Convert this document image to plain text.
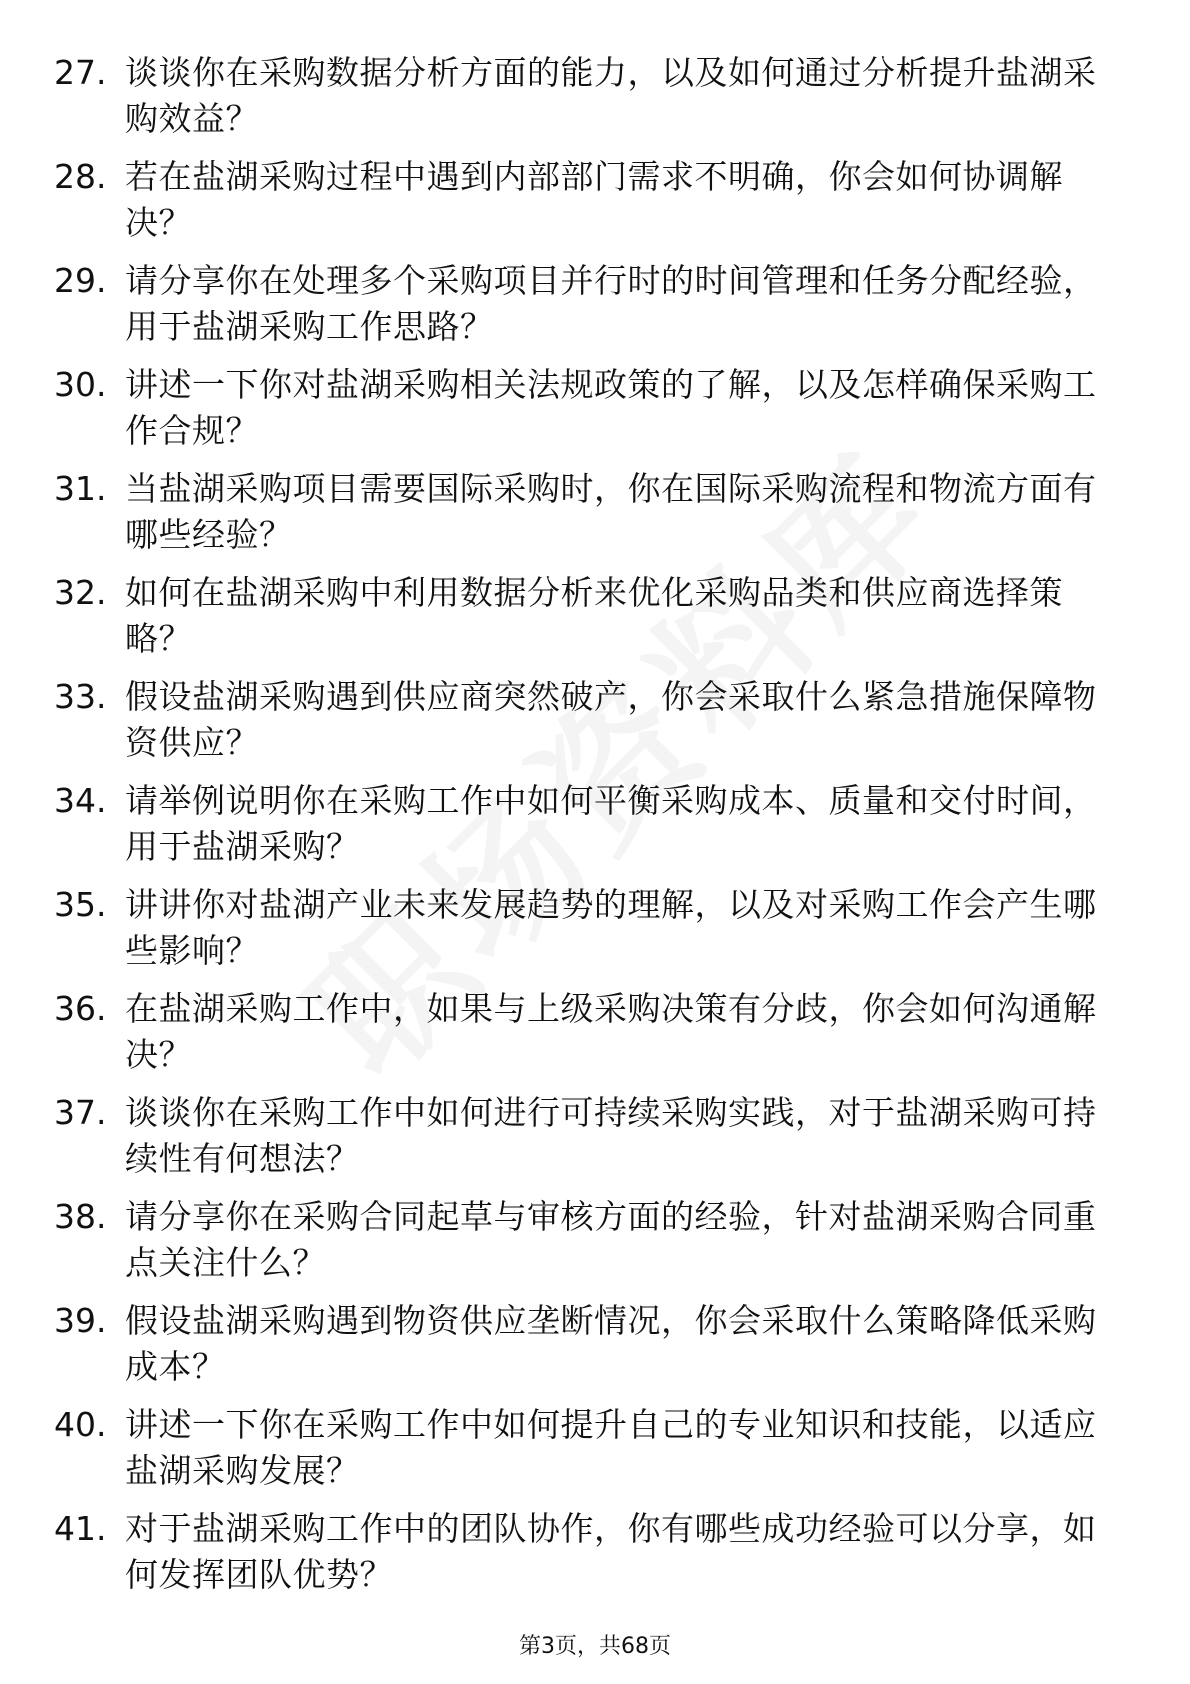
27. 谈谈你在采购数据分析方面的能力，以及如何通过分析提升盐湖采购效益？
28. 若在盐湖采购过程中遇到内部部门需求不明确，你会如何协调解决？
29. 请分享你在处理多个采购项目并行时的时间管理和任务分配经验，用于盐湖采购工作思路？
30. 讲述一下你对盐湖采购相关法规政策的了解，以及怎样确保采购工作合规？
31. 当盐湖采购项目需要国际采购时，你在国际采购流程和物流方面有哪些经验？
32. 如何在盐湖采购中利用数据分析来优化采购品类和供应商选择策略？
33. 假设盐湖采购遇到供应商突然破产，你会采取什么紧急措施保障物资供应？
34. 请举例说明你在采购工作中如何平衡采购成本、质量和交付时间，用于盐湖采购？
35. 讲讲你对盐湖产业未来发展趋势的理解，以及对采购工作会产生哪些影响？
36. 在盐湖采购工作中，如果与上级采购决策有分歧，你会如何沟通解决？
37. 谈谈你在采购工作中如何进行可持续采购实践，对于盐湖采购可持续性有何想法？
38. 请分享你在采购合同起草与审核方面的经验，针对盐湖采购合同重点关注什么？
39. 假设盐湖采购遇到物资供应垄断情况，你会采取什么策略降低采购成本？
40. 讲述一下你在采购工作中如何提升自己的专业知识和技能，以适应盐湖采购发展？
41. 对于盐湖采购工作中的团队协作，你有哪些成功经验可以分享，如何发挥团队优势？
第3页，共68页
